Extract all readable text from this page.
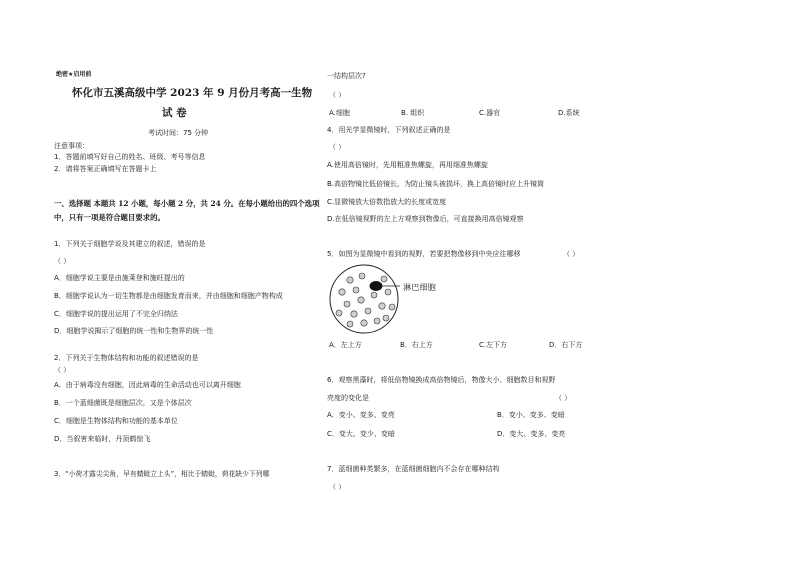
绝密★启用前
怀化市五溪高级中学 2023 年 9 月份月考高一生物
试 卷
考试时间：75 分钟
注意事项：
1．答题前填写好自己的姓名、班级、考号等信息
2．请将答案正确填写在答题卡上
一、选择题 本题共 12 小题，每小题 2 分，共 24 分。在每小题给出的四个选项中，只有一项是符合题目要求的。
1．下列关于细胞学说及其建立的叙述，错误的是
（ ）
A．细胞学说主要是由施莱登和施旺提出的
B．细胞学说认为一切生物都是由细胞发育而来，并由细胞和细胞产物构成
C．细胞学说的提出运用了不完全归纳法
D．细胞学说揭示了细胞的统一性和生物界的统一性
2．下列关于生物体结构和功能的叙述错误的是
（ ）
A．由于病毒没有细胞，因此病毒的生命活动也可以离开细胞
B．一个蓝细菌既是细胞层次，又是个体层次
C．细胞是生物体结构和功能的基本单位
D．当叙害来临时，丹顶鹤惊飞
3．“小荷才露尖尖角，早有蜻蜓立上头”，相比于蜻蜓，荷花缺少下列哪
一结构层次?
（ ）
A.细胞	B. 组织	C.器官	D.系统
4．用光学显微镜时，下列叙述正确的是
（ ）
A.使用高倍镜时，先用粗准焦螺旋，再用细准焦螺旋
B.高倍物镜比低倍镜长，为防止镜头被损坏，换上高倍镜时应上升镜筒
C.显微镜放大倍数指放大的长度或宽度
D.在低倍镜视野的左上方观察到物像后，可直接换用高倍镜观察
5．如图为显微镜中看到的视野，若要把物像移到中央应往哪移	（ ）
淋巴细胞
A．左上方	B．右上方	C.左下方	D．右下方
6．观察黑藻时，将低倍物镜换成高倍物镜后，物像大小、细胞数目和视野
亮度的变化是	（ ）
A．变小、变多、变亮	B．变小、变多、变暗
C．变大、变少、变暗	D．变大、变多、变亮
7．蓝细菌种类繁多，在蓝细菌细胞内不会存在哪种结构
（ ）
